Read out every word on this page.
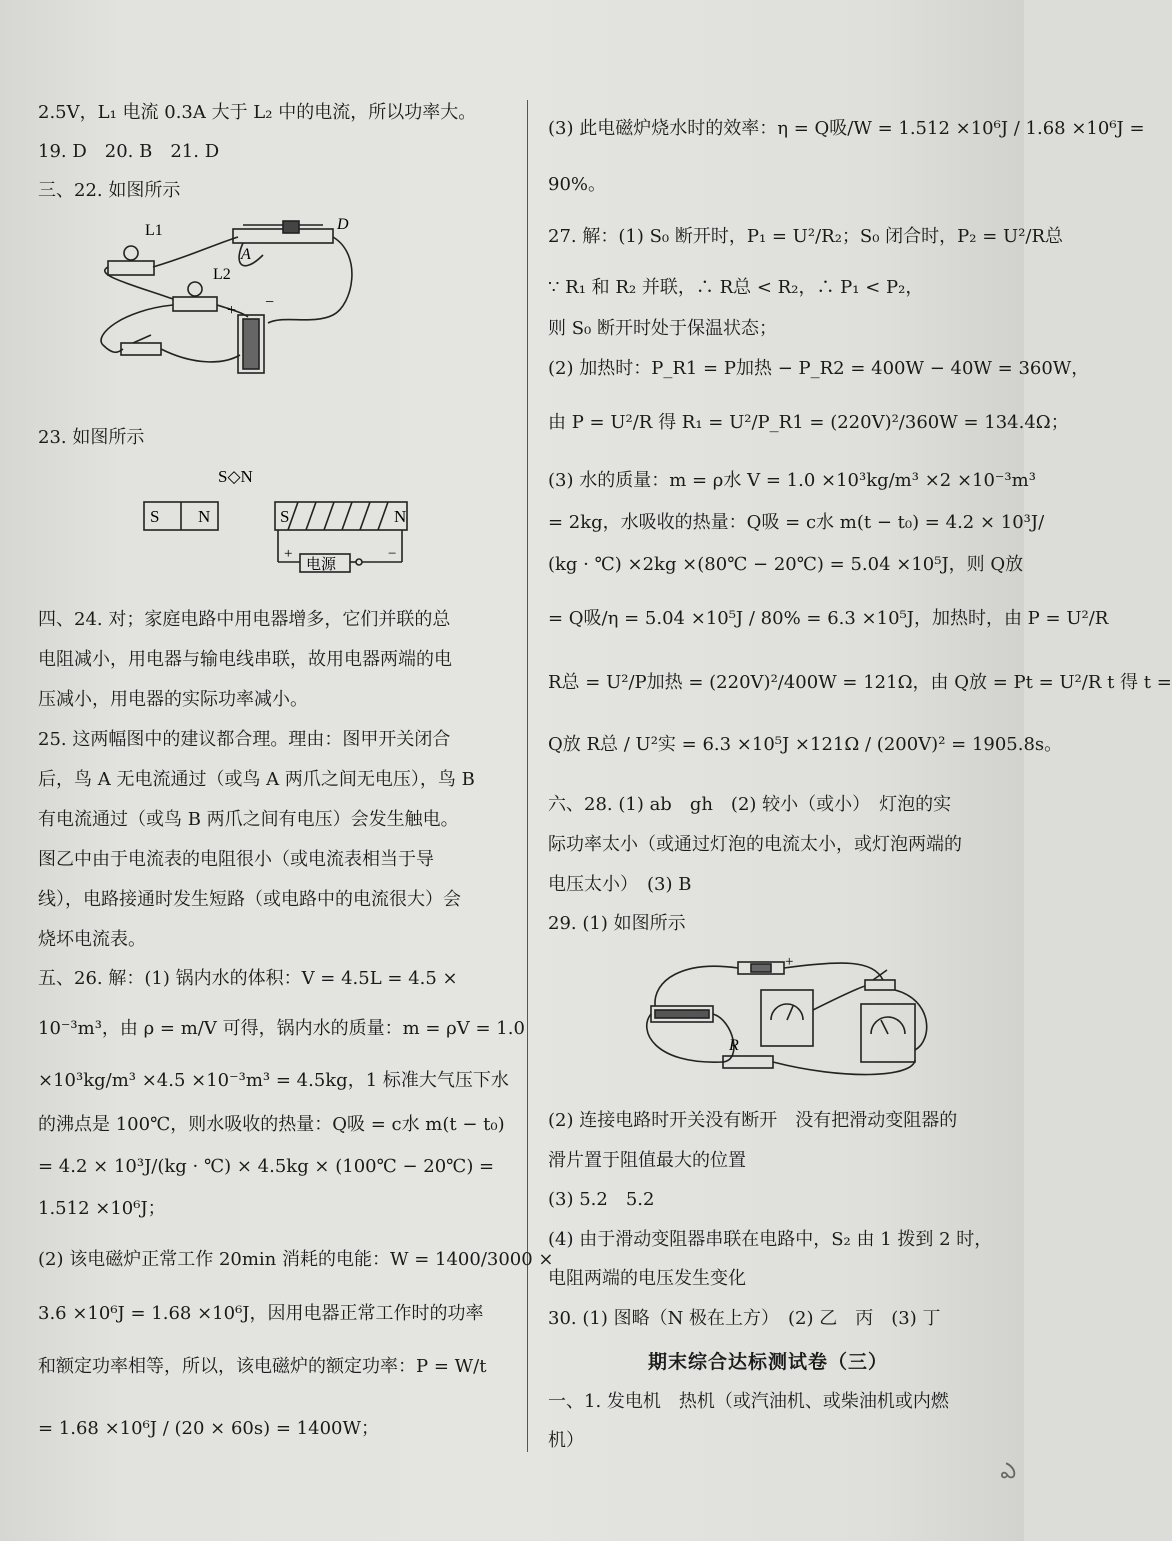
2.5V，L₁ 电流 0.3A 大于 L₂ 中的电流，所以功率大。
19. D　20. B　21. D
三、22. 如图所示
L1
L2
A
D
+ −
23. 如图所示
S◇N
S N	S	N
电源
+	−
四、24. 对；家庭电路中用电器增多，它们并联的总
电阻减小，用电器与输电线串联，故用电器两端的电
压减小，用电器的实际功率减小。
25. 这两幅图中的建议都合理。理由：图甲开关闭合
后，鸟 A 无电流通过（或鸟 A 两爪之间无电压），鸟 B
有电流通过（或鸟 B 两爪之间有电压）会发生触电。
图乙中由于电流表的电阻很小（或电流表相当于导
线），电路接通时发生短路（或电路中的电流很大）会
烧坏电流表。
五、26. 解：(1) 锅内水的体积：V = 4.5L = 4.5 ×
10⁻³m³，由 ρ = m/V 可得，锅内水的质量：m = ρV = 1.0
×10³kg/m³ ×4.5 ×10⁻³m³ = 4.5kg，1 标准大气压下水
的沸点是 100℃，则水吸收的热量：Q吸 = c水 m(t − t₀)
= 4.2 × 10³J/(kg · ℃) × 4.5kg × (100℃ − 20℃) =
1.512 ×10⁶J；
(2) 该电磁炉正常工作 20min 消耗的电能：W = 1400/3000 ×
3.6 ×10⁶J = 1.68 ×10⁶J，因用电器正常工作时的功率
和额定功率相等，所以，该电磁炉的额定功率：P = W/t
= 1.68 ×10⁶J / (20 × 60s) = 1400W；
(3) 此电磁炉烧水时的效率：η = Q吸/W = 1.512 ×10⁶J / 1.68 ×10⁶J =
90%。
27. 解：(1) S₀ 断开时，P₁ = U²/R₂；S₀ 闭合时，P₂ = U²/R总
∵ R₁ 和 R₂ 并联，∴ R总 < R₂，∴ P₁ < P₂，
则 S₀ 断开时处于保温状态；
(2) 加热时：P_R1 = P加热 − P_R2 = 400W − 40W = 360W，
由 P = U²/R 得 R₁ = U²/P_R1 = (220V)²/360W = 134.4Ω；
(3) 水的质量：m = ρ水 V = 1.0 ×10³kg/m³ ×2 ×10⁻³m³
= 2kg，水吸收的热量：Q吸 = c水 m(t − t₀) = 4.2 × 10³J/
(kg · ℃) ×2kg ×(80℃ − 20℃) = 5.04 ×10⁵J，则 Q放
= Q吸/η = 5.04 ×10⁵J / 80% = 6.3 ×10⁵J，加热时，由 P = U²/R
R总 = U²/P加热 = (220V)²/400W = 121Ω，由 Q放 = Pt = U²/R t 得 t =
Q放 R总 / U²实 = 6.3 ×10⁵J ×121Ω / (200V)² = 1905.8s。
六、28. (1) ab　gh　(2) 较小（或小）　灯泡的实
际功率太小（或通过灯泡的电流太小，或灯泡两端的
电压太小）　(3) B
29. (1) 如图所示
R
+
(2) 连接电路时开关没有断开　没有把滑动变阻器的
滑片置于阻值最大的位置
(3) 5.2　5.2
(4) 由于滑动变阻器串联在电路中，S₂ 由 1 拨到 2 时，
电阻两端的电压发生变化
30. (1) 图略（N 极在上方）　(2) 乙　丙　(3) 丁
期末综合达标测试卷（三）
一、1. 发电机　热机（或汽油机、或柴油机或内燃
机）
ఎ
